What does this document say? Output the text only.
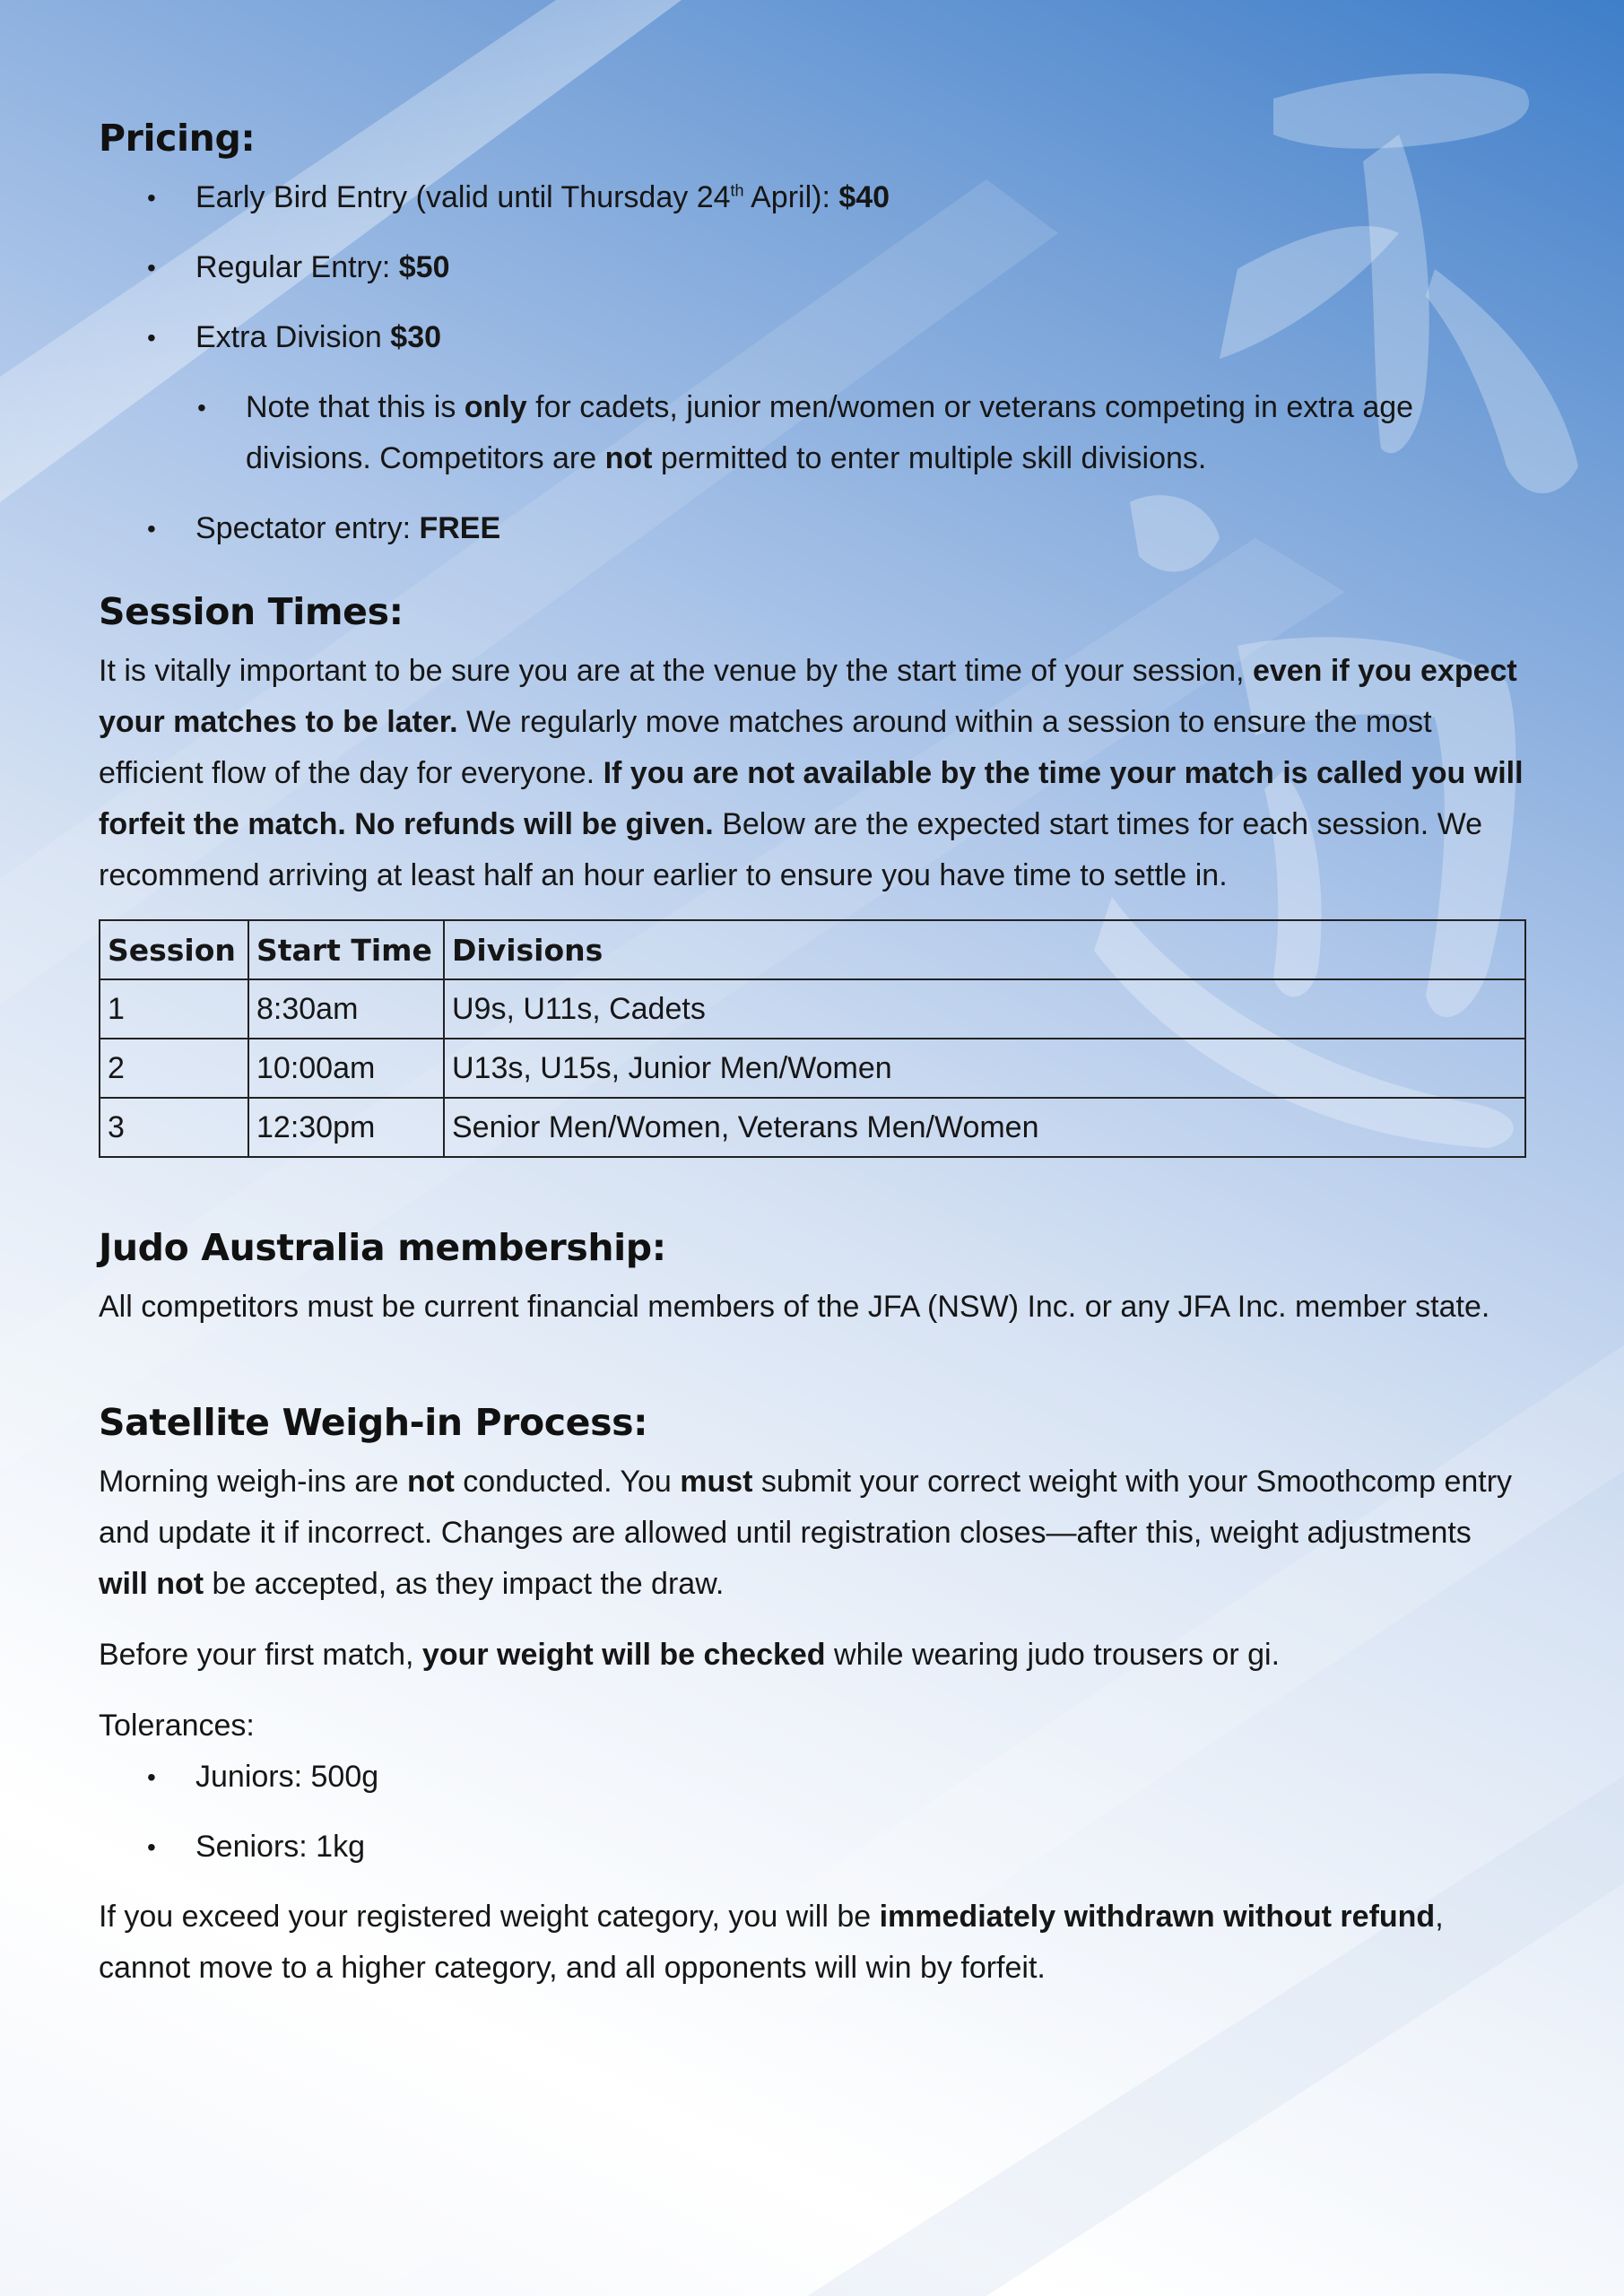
Pricing:
• Early Bird Entry (valid until Thursday 24th April): $40
• Regular Entry: $50
• Extra Division $30
• Note that this is only for cadets, junior men/women or veterans competing in extra age divisions. Competitors are not permitted to enter multiple skill divisions.
• Spectator entry: FREE
Session Times:

It is vitally important to be sure you are at the venue by the start time of your session, even if you expect your matches to be later. We regularly move matches around within a session to ensure the most efficient flow of the day for everyone. If you are not available by the time your match is called you will forfeit the match. No refunds will be given. Below are the expected start times for each session. We recommend arriving at least half an hour earlier to ensure you have time to settle in.

Session	Start Time	Divisions
1	8:30am	U9s, U11s, Cadets
2	10:00am	U13s, U15s, Junior Men/Women
3	12:30pm	Senior Men/Women, Veterans Men/Women
Judo Australia membership:

All competitors must be current financial members of the JFA (NSW) Inc. or any JFA Inc. member state.

Satellite Weigh-in Process:

Morning weigh-ins are not conducted. You must submit your correct weight with your Smoothcomp entry and update it if incorrect. Changes are allowed until registration closes—after this, weight adjustments will not be accepted, as they impact the draw.

Before your first match, your weight will be checked while wearing judo trousers or gi.

Tolerances:

• Juniors: 500g
• Seniors: 1kg

If you exceed your registered weight category, you will be immediately withdrawn without refund, cannot move to a higher category, and all opponents will win by forfeit.
